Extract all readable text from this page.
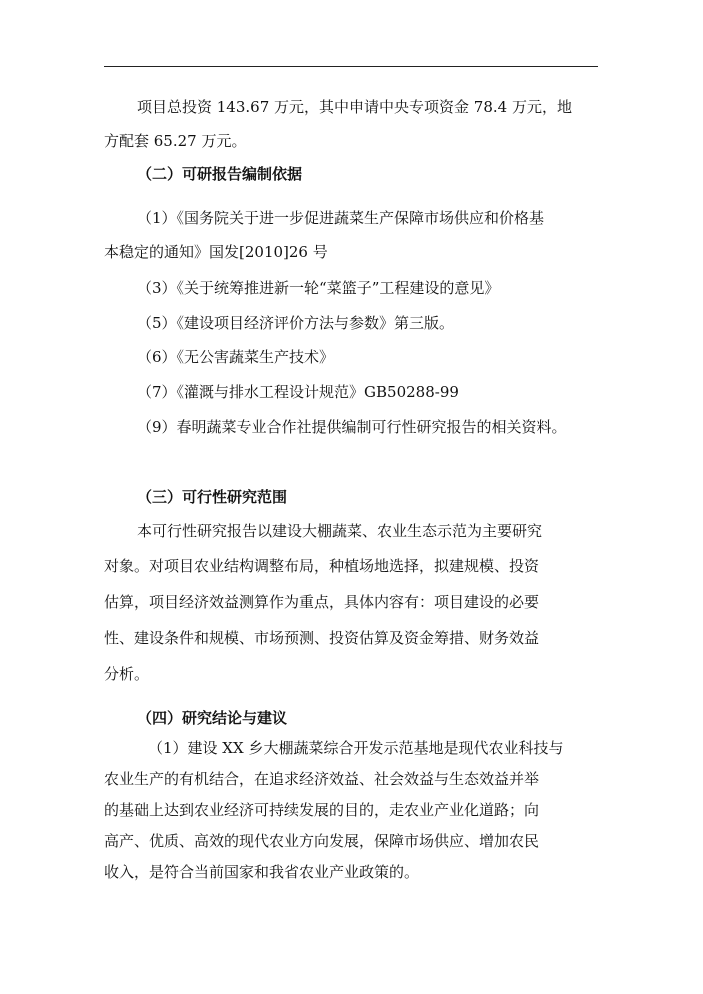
项目总投资 143.67 万元，其中申请中央专项资金 78.4 万元，地
方配套 65.27 万元。
（二）可研报告编制依据
（1）《国务院关于进一步促进蔬菜生产保障市场供应和价格基
本稳定的通知》国发[2010]26 号
（3）《关于统筹推进新一轮“菜篮子”工程建设的意见》
（5）《建设项目经济评价方法与参数》第三版。
（6）《无公害蔬菜生产技术》
（7）《灌溉与排水工程设计规范》GB50288-99
（9）春明蔬菜专业合作社提供编制可行性研究报告的相关资料。
（三）可行性研究范围
本可行性研究报告以建设大棚蔬菜、农业生态示范为主要研究
对象。对项目农业结构调整布局，种植场地选择，拟建规模、投资
估算，项目经济效益测算作为重点，具体内容有：项目建设的必要
性、建设条件和规模、市场预测、投资估算及资金筹措、财务效益
分析。
（四）研究结论与建议
（1）建设 XX 乡大棚蔬菜综合开发示范基地是现代农业科技与
农业生产的有机结合，在追求经济效益、社会效益与生态效益并举
的基础上达到农业经济可持续发展的目的，走农业产业化道路；向
高产、优质、高效的现代农业方向发展，保障市场供应、增加农民
收入，是符合当前国家和我省农业产业政策的。
